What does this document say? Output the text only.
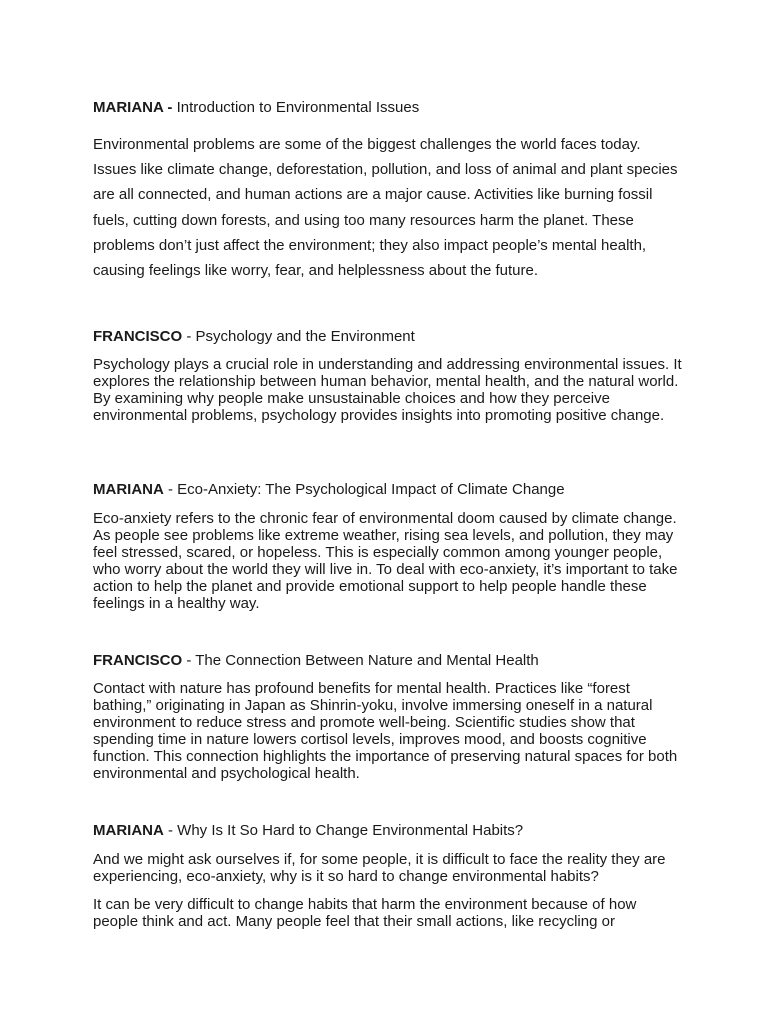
MARIANA - Introduction to Environmental Issues

Environmental problems are some of the biggest challenges the world faces today. Issues like climate change, deforestation, pollution, and loss of animal and plant species are all connected, and human actions are a major cause. Activities like burning fossil fuels, cutting down forests, and using too many resources harm the planet. These problems don’t just affect the environment; they also impact people’s mental health, causing feelings like worry, fear, and helplessness about the future.

FRANCISCO - Psychology and the Environment

Psychology plays a crucial role in understanding and addressing environmental issues. It explores the relationship between human behavior, mental health, and the natural world. By examining why people make unsustainable choices and how they perceive environmental problems, psychology provides insights into promoting positive change.

MARIANA - Eco-Anxiety: The Psychological Impact of Climate Change

Eco-anxiety refers to the chronic fear of environmental doom caused by climate change. As people see problems like extreme weather, rising sea levels, and pollution, they may feel stressed, scared, or hopeless. This is especially common among younger people, who worry about the world they will live in. To deal with eco-anxiety, it’s important to take action to help the planet and provide emotional support to help people handle these feelings in a healthy way.

FRANCISCO - The Connection Between Nature and Mental Health

Contact with nature has profound benefits for mental health. Practices like “forest bathing,” originating in Japan as Shinrin-yoku, involve immersing oneself in a natural environment to reduce stress and promote well-being. Scientific studies show that spending time in nature lowers cortisol levels, improves mood, and boosts cognitive function. This connection highlights the importance of preserving natural spaces for both environmental and psychological health.

MARIANA - Why Is It So Hard to Change Environmental Habits?

And we might ask ourselves if, for some people, it is difficult to face the reality they are experiencing, eco-anxiety, why is it so hard to change environmental habits?

It can be very difficult to change habits that harm the environment because of how people think and act. Many people feel that their small actions, like recycling or
